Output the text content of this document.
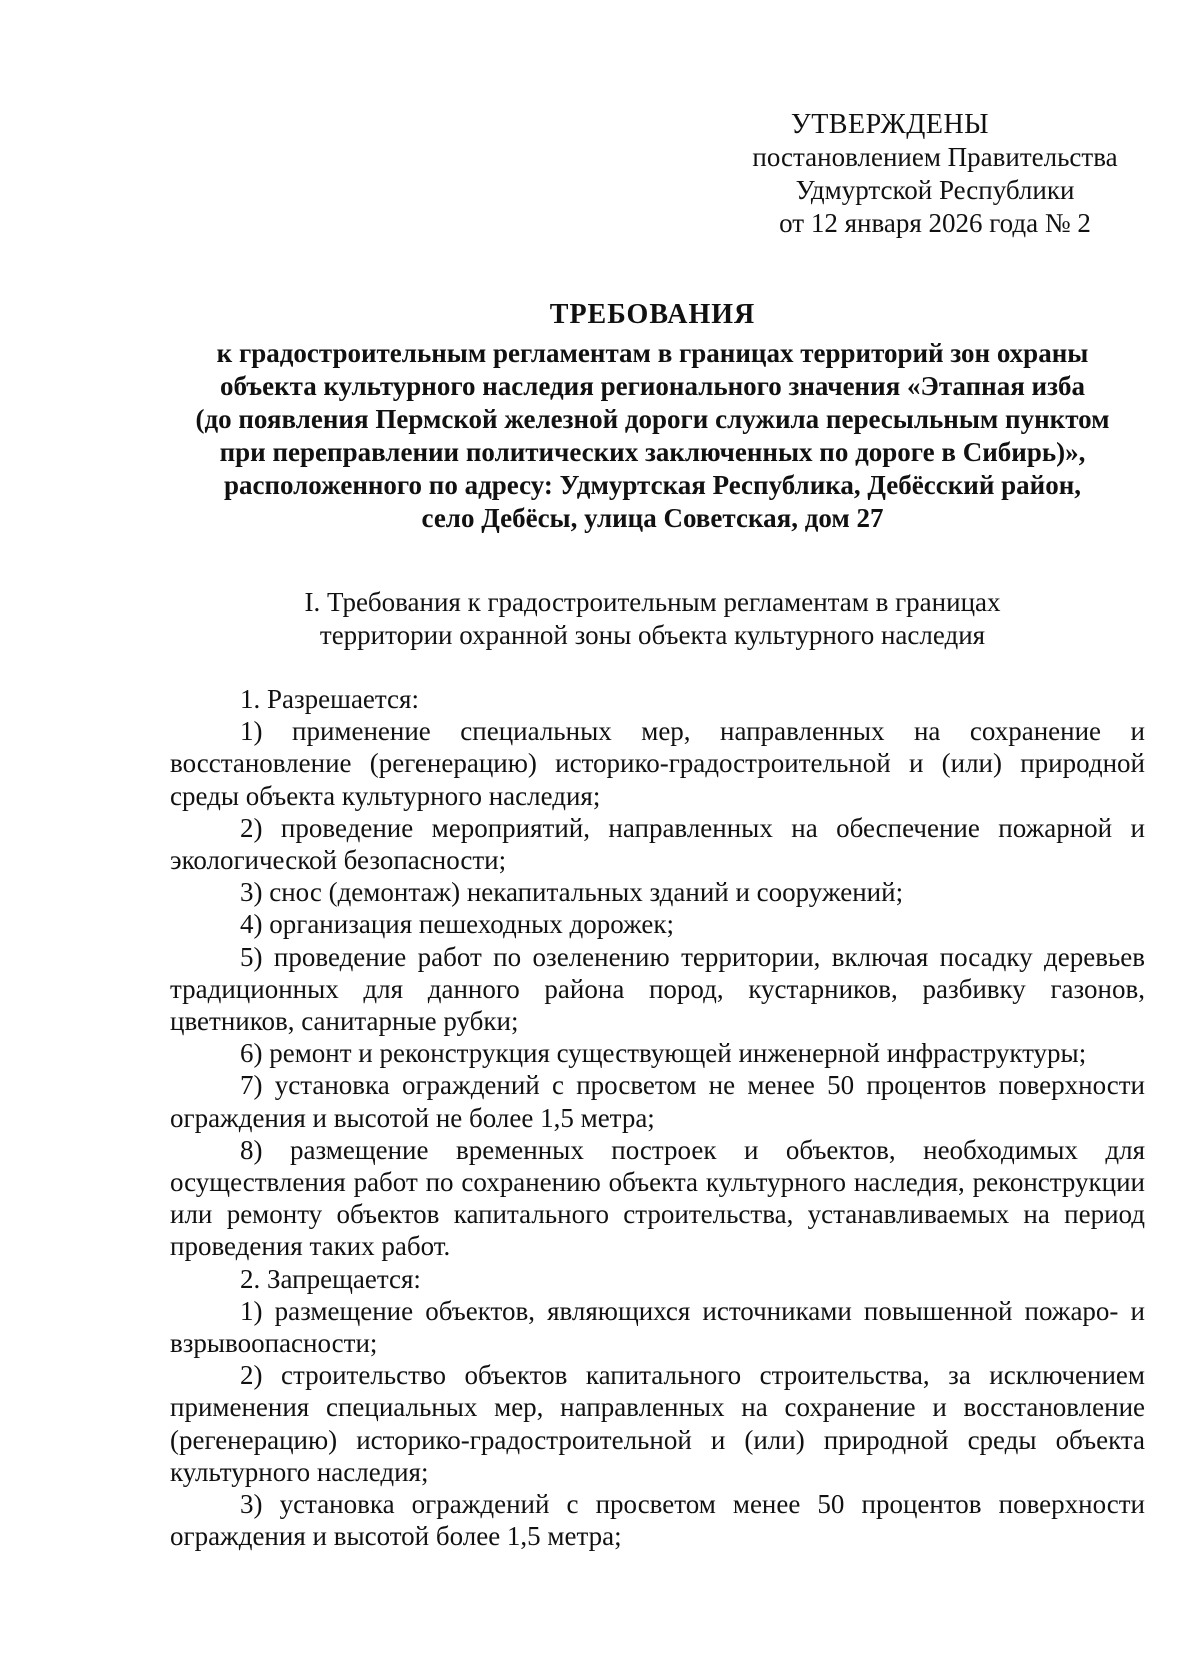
УТВЕРЖДЕНЫ
постановлением Правительства
Удмуртской Республики
от 12 января 2026 года № 2
ТРЕБОВАНИЯ
к градостроительным регламентам в границах территорий зон охраны
объекта культурного наследия регионального значения «Этапная изба
(до появления Пермской железной дороги служила пересыльным пунктом
при переправлении политических заключенных по дороге в Сибирь)»,
расположенного по адресу: Удмуртская Республика, Дебёсский район,
село Дебёсы, улица Советская, дом 27
I. Требования к градостроительным регламентам в границах
территории охранной зоны объекта культурного наследия

1. Разрешается:

1) применение специальных мер, направленных на сохранение и восстановление (регенерацию) историко-градостроительной и (или) природной среды объекта культурного наследия;

2) проведение мероприятий, направленных на обеспечение пожарной и экологической безопасности;

3) снос (демонтаж) некапитальных зданий и сооружений;

4) организация пешеходных дорожек;

5) проведение работ по озеленению территории, включая посадку деревьев традиционных для данного района пород, кустарников, разбивку газонов, цветников, санитарные рубки;

6) ремонт и реконструкция существующей инженерной инфраструктуры;

7) установка ограждений с просветом не менее 50 процентов поверхности ограждения и высотой не более 1,5 метра;

8) размещение временных построек и объектов, необходимых для осуществления работ по сохранению объекта культурного наследия, реконструкции или ремонту объектов капитального строительства, устанавливаемых на период проведения таких работ.

2. Запрещается:

1) размещение объектов, являющихся источниками повышенной пожаро- и взрывоопасности;

2) строительство объектов капитального строительства, за исключением применения специальных мер, направленных на сохранение и восстановление (регенерацию) историко-градостроительной и (или) природной среды объекта культурного наследия;

3) установка ограждений с просветом менее 50 процентов поверхности ограждения и высотой более 1,5 метра;
